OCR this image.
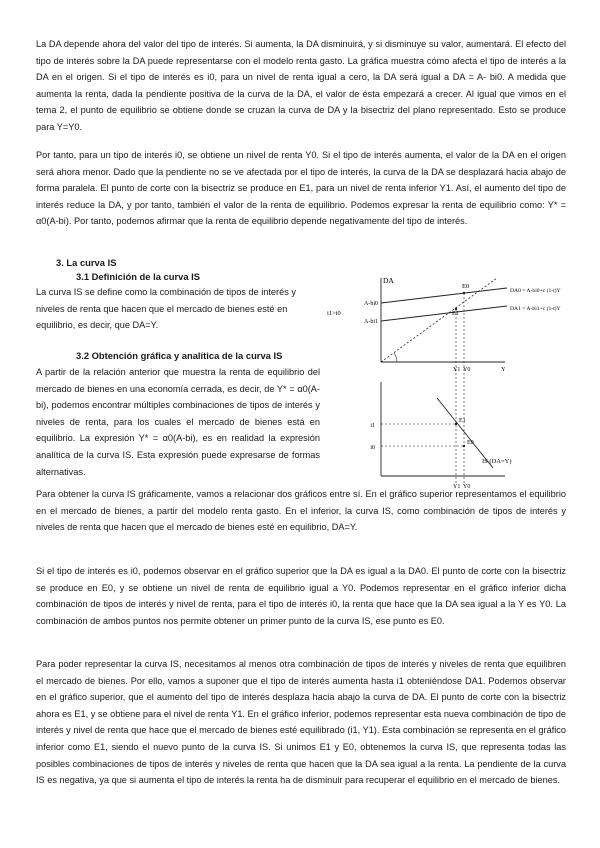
La DA depende ahora del valor del tipo de interés. Si aumenta, la DA disminuirá, y si disminuye su valor, aumentará. El efecto del tipo de interés sobre la DA puede representarse con el modelo renta gasto. La gráfica muestra cómo afecta el tipo de interés a la DA en el origen. Si el tipo de interés es i0, para un nivel de renta igual a cero, la DA será igual a DA = A- bi0. A medida que aumenta la renta, dada la pendiente positiva de la curva de la DA, el valor de ésta empezará a crecer. Al igual que vimos en el tema 2, el punto de equilibrio se obtiene donde se cruzan la curva de DA y la bisectriz del plano representado. Esto se produce para Y=Y0.

Por tanto, para un tipo de interés i0, se obtiene un nivel de renta Y0. Si el tipo de interés aumenta, el valor de la DA en el origen será ahora menor. Dado que la pendiente no se ve afectada por el tipo de interés, la curva de la DA se desplazará hacia abajo de forma paralela. El punto de corte con la bisectriz se produce en E1, para un nivel de renta inferior Y1. Así, el aumento del tipo de interés reduce la DA, y por tanto, también el valor de la renta de equilibrio. Podemos expresar la renta de equilibrio como: Y* = α0(A-bi). Por tanto, podemos afirmar que la renta de equilibrio depende negativamente del tipo de interés.

3. La curva IS

3.1 Definición de la curva IS

La curva IS se define como la combinación de tipos de interés y niveles de renta que hacen que el mercado de bienes esté en equilibrio, es decir, que DA=Y.

3.2 Obtención gráfica y analítica de la curva IS

A partir de la relación anterior que muestra la renta de equilibrio del mercado de bienes en una economía cerrada, es decir, de Y* = α0(A-bi), podemos encontrar múltiples combinaciones de tipos de interés y niveles de renta, para los cuales el mercado de bienes está en equilibrio. La expresión Y* = α0(A-bi), es en realidad la expresión analítica de la curva IS. Esta expresión puede expresarse de formas alternativas.

Para obtener la curva IS gráficamente, vamos a relacionar dos gráficos entre sí. En el gráfico superior representamos el equilibrio en el mercado de bienes, a partir del modelo renta gasto. En el inferior, la curva IS, como combinación de tipos de interés y niveles de renta que hacen que el mercado de bienes esté en equilibrio, DA=Y.

Si el tipo de interés es i0, podemos observar en el gráfico superior que la DA es igual a la DA0. El punto de corte con la bisectriz se produce en E0, y se obtiene un nivel de renta de equilibrio igual a Y0. Podemos representar en el gráfico inferior dicha combinación de tipos de interés y nivel de renta, para el tipo de interés i0, la renta que hace que la DA sea igual a la Y es Y0. La combinación de ambos puntos nos permite obtener un primer punto de la curva IS, ese punto es E0.

Para poder representar la curva IS, necesitamos al menos otra combinación de tipos de interés y niveles de renta que equilibren el mercado de bienes. Por ello, vamos a suponer que el tipo de interés aumenta hasta i1 obteniéndose DA1. Podemos observar en el gráfico superior, que el aumento del tipo de interés desplaza hacia abajo la curva de DA. El punto de corte con la bisectriz ahora es E1, y se obtiene para el nivel de renta Y1. En el gráfico inferior, podemos representar esta nueva combinación de tipo de interés y nivel de renta que hace que el mercado de bienes esté equilibrado (i1, Y1). Esta combinación se representa en el gráfico inferior como E1, siendo el nuevo punto de la curva IS. Si unimos E1 y E0, obtenemos la curva IS, que representa todas las posibles combinaciones de tipos de interés y niveles de renta que hacen que la DA sea igual a la renta. La pendiente de la curva IS es negativa, ya que si aumenta el tipo de interés la renta ha de disminuir para recuperar el equilibrio en el mercado de bienes.

i1>i0
DA
Y
DA0 = A-bi0+c (1-t)Y
DA1 = A-bi1+c (1-t)Y
A-bi0
A-bi1
E0
E1
Y1 Y0
i1
i0
E1
E0
IS (DA=Y)
Y1 Y0
